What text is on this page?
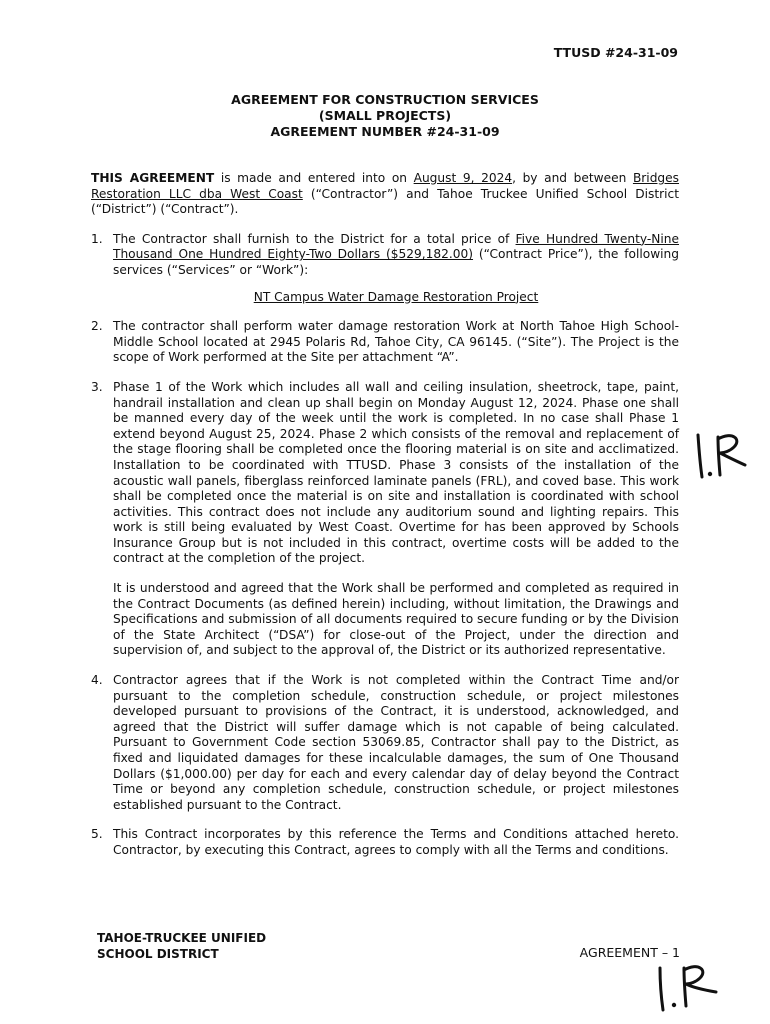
TTUSD #24-31-09
AGREEMENT FOR CONSTRUCTION SERVICES
(SMALL PROJECTS)
AGREEMENT NUMBER #24-31-09

THIS AGREEMENT is made and entered into on August 9, 2024, by and between Bridges Restoration LLC dba West Coast (“Contractor”) and Tahoe Truckee Unified School District (“District”) (“Contract”).

1. The Contractor shall furnish to the District for a total price of Five Hundred Twenty-Nine Thousand One Hundred Eighty-Two Dollars ($529,182.00) (“Contract Price”), the following services (“Services” or “Work”):

NT Campus Water Damage Restoration Project

2. The contractor shall perform water damage restoration Work at North Tahoe High School-Middle School located at 2945 Polaris Rd, Tahoe City, CA 96145. (“Site”). The Project is the scope of Work performed at the Site per attachment “A”.

3. Phase 1 of the Work which includes all wall and ceiling insulation, sheetrock, tape, paint, handrail installation and clean up shall begin on Monday August 12, 2024. Phase one shall be manned every day of the week until the work is completed. In no case shall Phase 1 extend beyond August 25, 2024. Phase 2 which consists of the removal and replacement of the stage flooring shall be completed once the flooring material is on site and acclimatized. Installation to be coordinated with TTUSD. Phase 3 consists of the installation of the acoustic wall panels, fiberglass reinforced laminate panels (FRL), and coved base. This work shall be completed once the material is on site and installation is coordinated with school activities. This contract does not include any auditorium sound and lighting repairs. This work is still being evaluated by West Coast. Overtime for has been approved by Schools Insurance Group but is not included in this contract, overtime costs will be added to the contract at the completion of the project.

It is understood and agreed that the Work shall be performed and completed as required in the Contract Documents (as defined herein) including, without limitation, the Drawings and Specifications and submission of all documents required to secure funding or by the Division of the State Architect (“DSA”) for close-out of the Project, under the direction and supervision of, and subject to the approval of, the District or its authorized representative.

4. Contractor agrees that if the Work is not completed within the Contract Time and/or pursuant to the completion schedule, construction schedule, or project milestones developed pursuant to provisions of the Contract, it is understood, acknowledged, and agreed that the District will suffer damage which is not capable of being calculated. Pursuant to Government Code section 53069.85, Contractor shall pay to the District, as fixed and liquidated damages for these incalculable damages, the sum of One Thousand Dollars ($1,000.00) per day for each and every calendar day of delay beyond the Contract Time or beyond any completion schedule, construction schedule, or project milestones established pursuant to the Contract.

5. This Contract incorporates by this reference the Terms and Conditions attached hereto. Contractor, by executing this Contract, agrees to comply with all the Terms and conditions.

TAHOE-TRUCKEE UNIFIED
SCHOOL DISTRICT	AGREEMENT – 1
